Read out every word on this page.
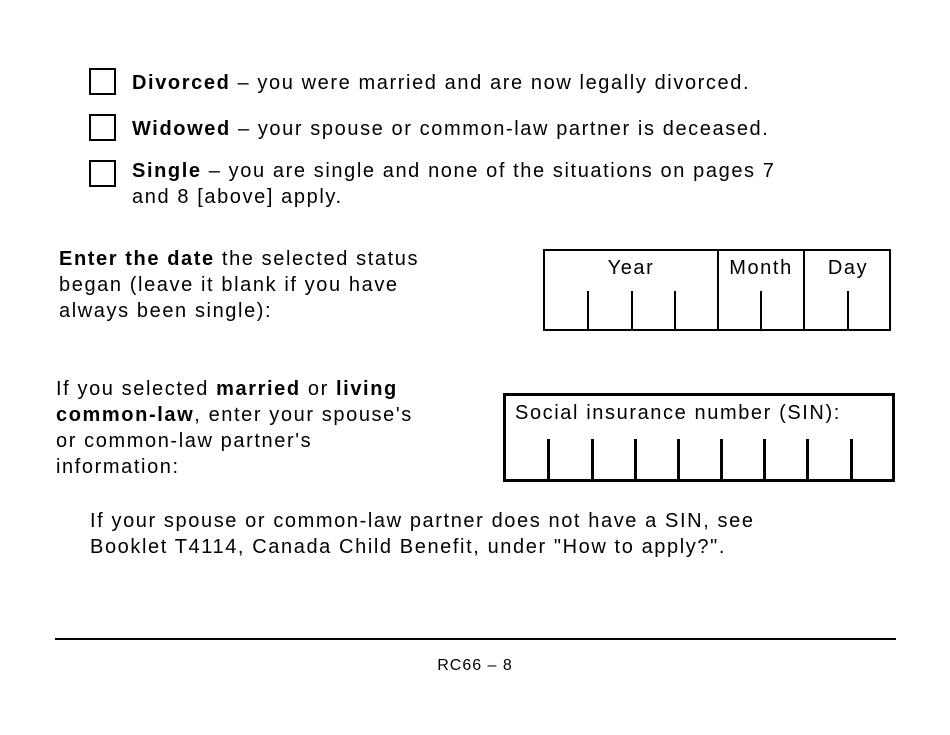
Divorced – you were married and are now legally divorced.
Widowed – your spouse or common-law partner is deceased.
Single – you are single and none of the situations on pages 7
and 8 [above] apply.
Enter the date the selected status
began (leave it blank if you have
always been single):
Year	Month	Day
If you selected married or living
common-law, enter your spouse's
or common-law partner's
information:
Social insurance number (SIN):
If your spouse or common-law partner does not have a SIN, see
Booklet T4114, Canada Child Benefit, under "How to apply?".
RC66 – 8
